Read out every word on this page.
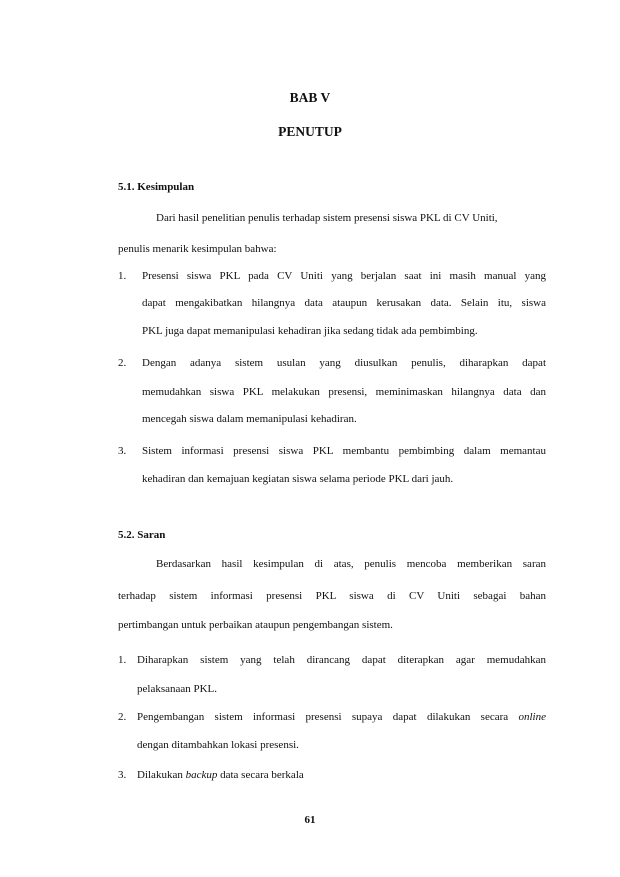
BAB V
PENUTUP
5.1. Kesimpulan
Dari hasil penelitian penulis terhadap sistem presensi siswa PKL di CV Uniti,
penulis menarik kesimpulan bahwa:
1. Presensi siswa PKL pada CV Uniti yang berjalan saat ini masih manual yang
dapat mengakibatkan hilangnya data ataupun kerusakan data. Selain itu, siswa
PKL juga dapat memanipulasi kehadiran jika sedang tidak ada pembimbing.
2. Dengan adanya sistem usulan yang diusulkan penulis, diharapkan dapat
memudahkan siswa PKL melakukan presensi, meminimaskan hilangnya data dan
mencegah siswa dalam memanipulasi kehadiran.
3. Sistem informasi presensi siswa PKL membantu pembimbing dalam memantau
kehadiran dan kemajuan kegiatan siswa selama periode PKL dari jauh.
5.2. Saran
Berdasarkan hasil kesimpulan di atas, penulis mencoba memberikan saran
terhadap sistem informasi presensi PKL siswa di CV Uniti sebagai bahan
pertimbangan untuk perbaikan ataupun pengembangan sistem.
1. Diharapkan sistem yang telah dirancang dapat diterapkan agar memudahkan
pelaksanaan PKL.
2. Pengembangan sistem informasi presensi supaya dapat dilakukan secara online
dengan ditambahkan lokasi presensi.
3. Dilakukan backup data secara berkala
61
